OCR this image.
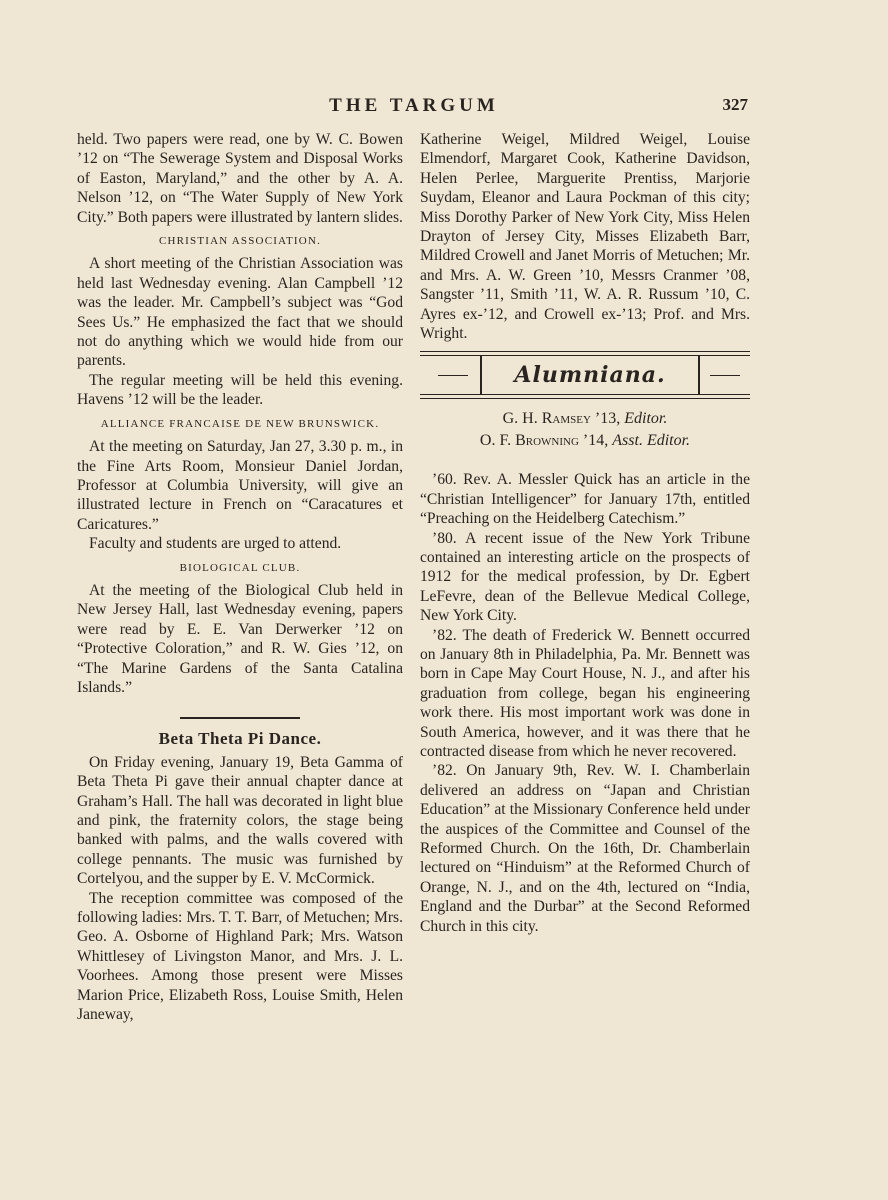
THE TARGUM	327

held. Two papers were read, one by W. C. Bowen ’12 on “The Sewerage System and Disposal Works of Easton, Maryland,” and the other by A. A. Nelson ’12, on “The Water Supply of New York City.” Both papers were illustrated by lantern slides.

CHRISTIAN ASSOCIATION.

A short meeting of the Christian Association was held last Wednesday evening. Alan Campbell ’12 was the leader. Mr. Campbell’s subject was “God Sees Us.” He emphasized the fact that we should not do anything which we would hide from our parents.

The regular meeting will be held this evening. Havens ’12 will be the leader.

ALLIANCE FRANCAISE DE NEW BRUNSWICK.

At the meeting on Saturday, Jan 27, 3.30 p. m., in the Fine Arts Room, Monsieur Daniel Jordan, Professor at Columbia University, will give an illustrated lecture in French on “Caracatures et Caricatures.”

Faculty and students are urged to attend.

BIOLOGICAL CLUB.

At the meeting of the Biological Club held in New Jersey Hall, last Wednesday evening, papers were read by E. E. Van Derwerker ’12 on “Protective Coloration,” and R. W. Gies ’12, on “The Marine Gardens of the Santa Catalina Islands.”

Beta Theta Pi Dance.

On Friday evening, January 19, Beta Gamma of Beta Theta Pi gave their annual chapter dance at Graham’s Hall. The hall was decorated in light blue and pink, the fraternity colors, the stage being banked with palms, and the walls covered with college pennants. The music was furnished by Cortelyou, and the supper by E. V. McCormick.

The reception committee was composed of the following ladies: Mrs. T. T. Barr, of Metuchen; Mrs. Geo. A. Osborne of Highland Park; Mrs. Watson Whittlesey of Livingston Manor, and Mrs. J. L. Voorhees. Among those present were Misses Marion Price, Elizabeth Ross, Louise Smith, Helen Janeway,

Katherine Weigel, Mildred Weigel, Louise Elmendorf, Margaret Cook, Katherine Davidson, Helen Perlee, Marguerite Prentiss, Marjorie Suydam, Eleanor and Laura Pockman of this city; Miss Dorothy Parker of New York City, Miss Helen Drayton of Jersey City, Misses Elizabeth Barr, Mildred Crowell and Janet Morris of Metuchen; Mr. and Mrs. A. W. Green ’10, Messrs Cranmer ’08, Sangster ’11, Smith ’11, W. A. R. Russum ’10, C. Ayres ex-’12, and Crowell ex-’13; Prof. and Mrs. Wright.

Alumniana.
G. H. Ramsey ’13, Editor.
O. F. Browning ’14, Asst. Editor.

’60. Rev. A. Messler Quick has an article in the “Christian Intelligencer” for January 17th, entitled “Preaching on the Heidelberg Catechism.”

’80. A recent issue of the New York Tribune contained an interesting article on the prospects of 1912 for the medical profession, by Dr. Egbert LeFevre, dean of the Bellevue Medical College, New York City.

’82. The death of Frederick W. Bennett occurred on January 8th in Philadelphia, Pa. Mr. Bennett was born in Cape May Court House, N. J., and after his graduation from college, began his engineering work there. His most important work was done in South America, however, and it was there that he contracted disease from which he never recovered.

’82. On January 9th, Rev. W. I. Chamberlain delivered an address on “Japan and Christian Education” at the Missionary Conference held under the auspices of the Committee and Counsel of the Reformed Church. On the 16th, Dr. Chamberlain lectured on “Hinduism” at the Reformed Church of Orange, N. J., and on the 4th, lectured on “India, England and the Durbar” at the Second Reformed Church in this city.
